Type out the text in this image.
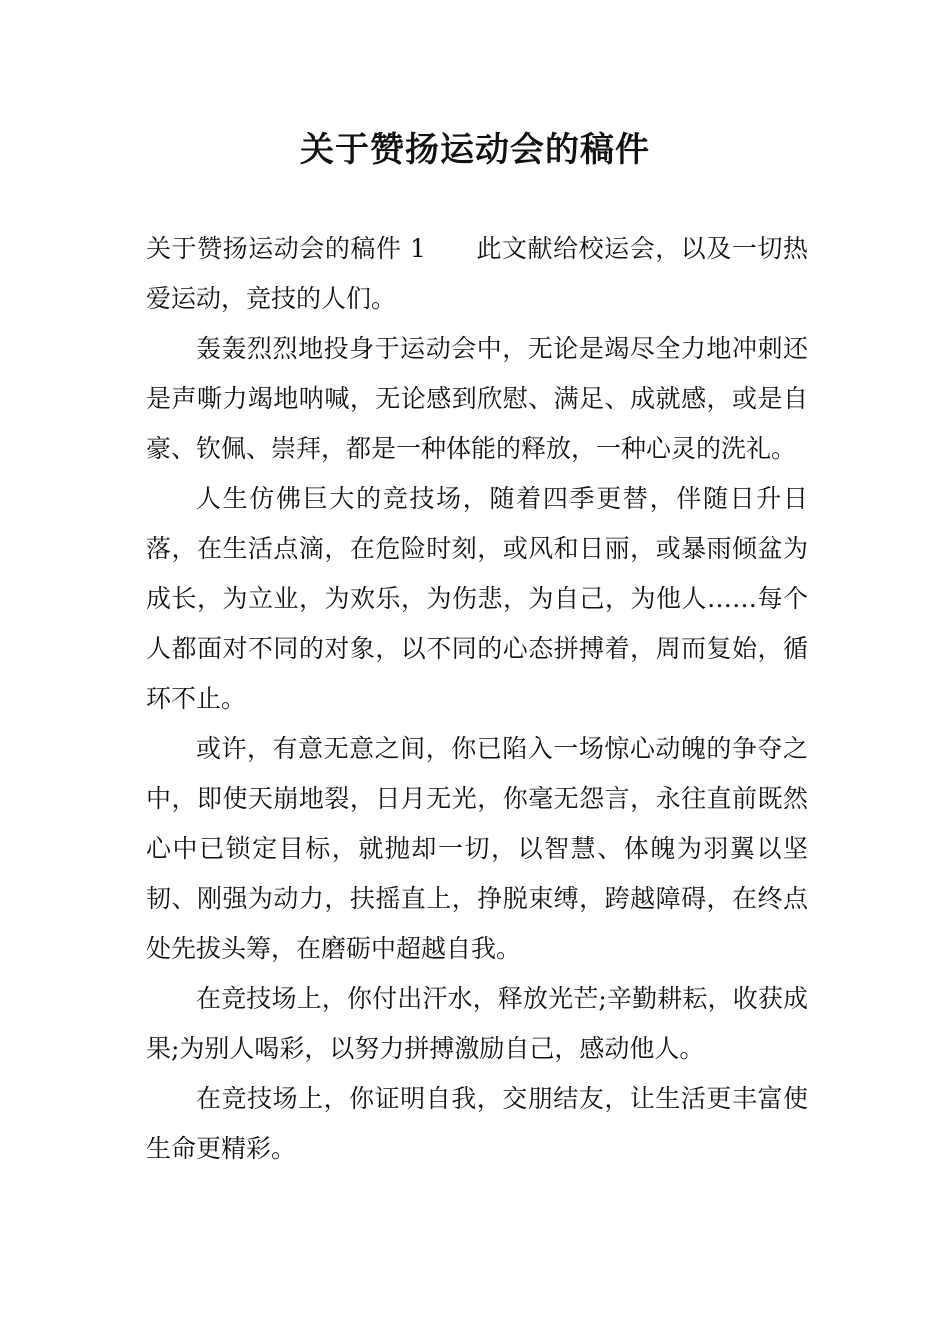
关于赞扬运动会的稿件

关于赞扬运动会的稿件 1 此文献给校运会，以及一切热爱运动，竞技的人们。

轰轰烈烈地投身于运动会中，无论是竭尽全力地冲刺还是声嘶力竭地呐喊，无论感到欣慰、满足、成就感，或是自豪、钦佩、崇拜，都是一种体能的释放，一种心灵的洗礼。

人生仿佛巨大的竞技场，随着四季更替，伴随日升日落，在生活点滴，在危险时刻，或风和日丽，或暴雨倾盆为成长，为立业，为欢乐，为伤悲，为自己，为他人……每个人都面对不同的对象，以不同的心态拼搏着，周而复始，循环不止。

或许，有意无意之间，你已陷入一场惊心动魄的争夺之中，即使天崩地裂，日月无光，你毫无怨言，永往直前既然心中已锁定目标，就抛却一切，以智慧、体魄为羽翼以坚韧、刚强为动力，扶摇直上，挣脱束缚，跨越障碍，在终点处先拔头筹，在磨砺中超越自我。

在竞技场上，你付出汗水，释放光芒;辛勤耕耘，收获成果;为别人喝彩，以努力拼搏激励自己，感动他人。

在竞技场上，你证明自我，交朋结友，让生活更丰富使生命更精彩。
